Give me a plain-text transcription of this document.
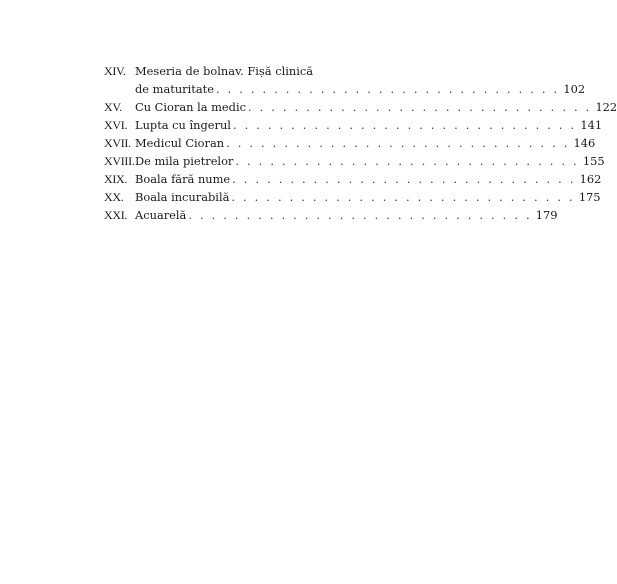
XIV. Meseria de bolnav. Fișă clinică
de maturitate . . . . . . . . . . . . . . . . . . . . . . . . . . . . . . 102
XV.	Cu Cioran la medic . . . . . . . . . . . . . . . . . . . . . . . . . . . . . . 122
XVI. Lupta cu îngerul . . . . . . . . . . . . . . . . . . . . . . . . . . . . . . 141
XVII. Medicul Cioran . . . . . . . . . . . . . . . . . . . . . . . . . . . . . . 146
XVIII. De mila pietrelor . . . . . . . . . . . . . . . . . . . . . . . . . . . . . . 155
XIX. Boala fără nume . . . . . . . . . . . . . . . . . . . . . . . . . . . . . . 162
XX.	Boala incurabilă . . . . . . . . . . . . . . . . . . . . . . . . . . . . . . 175
XXI. Acuarelă . . . . . . . . . . . . . . . . . . . . . . . . . . . . . . 179
